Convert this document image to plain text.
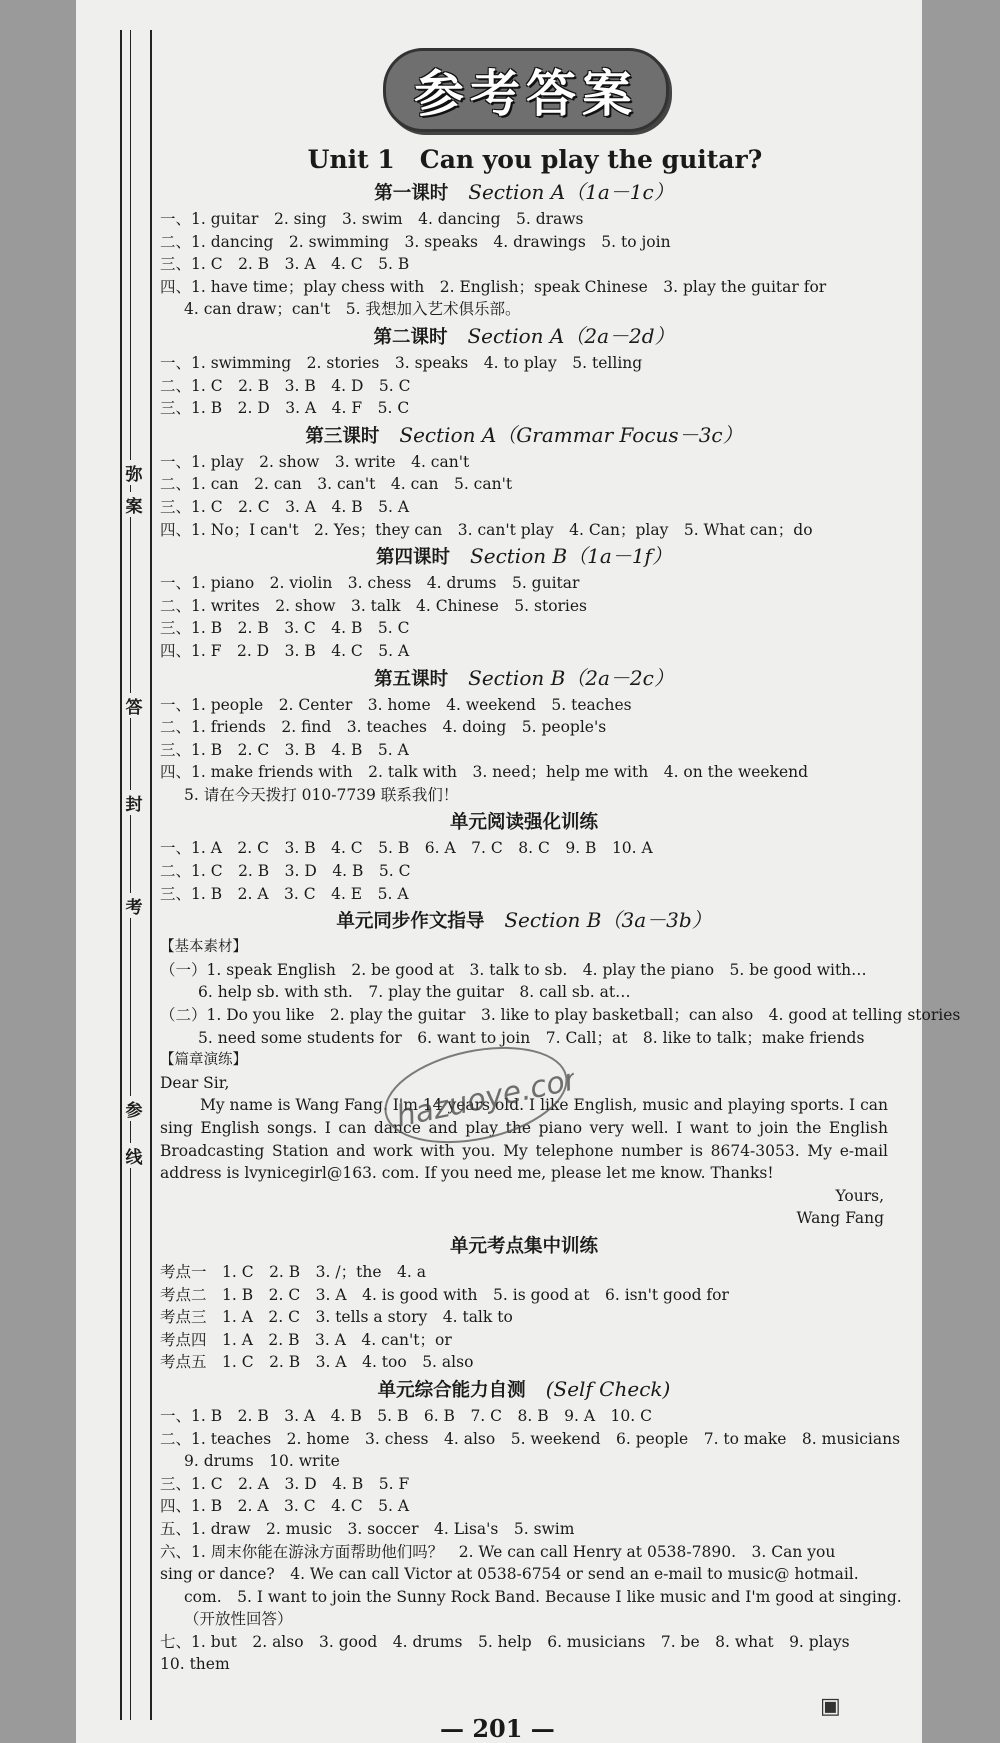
弥
案
答
封
考
参
线
参考答案
Unit 1　Can you play the guitar?
第一课时　 Section A（1a－1c）
一、1. guitar　2. sing　3. swim　4. dancing　5. draws
二、1. dancing　2. swimming　3. speaks　4. drawings　5. to join
三、1. C　2. B　3. A　4. C　5. B
四、1. have time；play chess with　2. English；speak Chinese　3. play the guitar for
4. can draw；can't　5. 我想加入艺术俱乐部。
第二课时　 Section A（2a－2d）
一、1. swimming　2. stories　3. speaks　4. to play　5. telling
二、1. C　2. B　3. B　4. D　5. C
三、1. B　2. D　3. A　4. F　5. C
第三课时　 Section A（Grammar Focus－3c）
一、1. play　2. show　3. write　4. can't
二、1. can　2. can　3. can't　4. can　5. can't
三、1. C　2. C　3. A　4. B　5. A
四、1. No；I can't　2. Yes；they can　3. can't play　4. Can；play　5. What can；do
第四课时　 Section B（1a－1f）
一、1. piano　2. violin　3. chess　4. drums　5. guitar
二、1. writes　2. show　3. talk　4. Chinese　5. stories
三、1. B　2. B　3. C　4. B　5. C
四、1. F　2. D　3. B　4. C　5. A
第五课时　 Section B（2a－2c）
一、1. people　2. Center　3. home　4. weekend　5. teaches
二、1. friends　2. find　3. teaches　4. doing　5. people's
三、1. B　2. C　3. B　4. B　5. A
四、1. make friends with　2. talk with　3. need；help me with　4. on the weekend
5. 请在今天拨打 010-7739 联系我们！
单元阅读强化训练
一、1. A　2. C　3. B　4. C　5. B　6. A　7. C　8. C　9. B　10. A
二、1. C　2. B　3. D　4. B　5. C
三、1. B　2. A　3. C　4. E　5. A
单元同步作文指导　 Section B（3a－3b）
【基本素材】
（一）1. speak English　2. be good at　3. talk to sb.　4. play the piano　5. be good with…
6. help sb. with sth.　7. play the guitar　8. call sb. at…
（二）1. Do you like　2. play the guitar　3. like to play basketball；can also　4. good at telling stories
5. need some students for　6. want to join　7. Call；at　8. like to talk；make friends
【篇章演练】
Dear Sir,
My name is Wang Fang. I'm 14 years old. I like English, music and playing sports. I can sing English songs. I can dance and play the piano very well. I want to join the English Broadcasting Station and work with you. My telephone number is 8674-3053. My e-mail address is lvynicegirl@163. com. If you need me, please let me know. Thanks!
Yours,
Wang Fang
单元考点集中训练
考点一　1. C　2. B　3. /；the　4. a
考点二　1. B　2. C　3. A　4. is good with　5. is good at　6. isn't good for
考点三　1. A　2. C　3. tells a story　4. talk to
考点四　1. A　2. B　3. A　4. can't；or
考点五　1. C　2. B　3. A　4. too　5. also
单元综合能力自测　 (Self Check)
一、1. B　2. B　3. A　4. B　5. B　6. B　7. C　8. B　9. A　10. C
二、1. teaches　2. home　3. chess　4. also　5. weekend　6. people　7. to make　8. musicians
9. drums　10. write
三、1. C　2. A　3. D　4. B　5. F
四、1. B　2. A　3. C　4. C　5. A
五、1. draw　2. music　3. soccer　4. Lisa's　5. swim
六、1. 周末你能在游泳方面帮助他们吗？　2. We can call Henry at 0538-7890.　3. Can you
sing or dance?　4. We can call Victor at 0538-6754 or send an e-mail to music@ hotmail.
com.　5. I want to join the Sunny Rock Band. Because I like music and I'm good at singing.
（开放性回答）
七、1. but　2. also　3. good　4. drums　5. help　6. musicians　7. be　8. what　9. plays
10. them
hazuoye.com
— 201 —
▣
